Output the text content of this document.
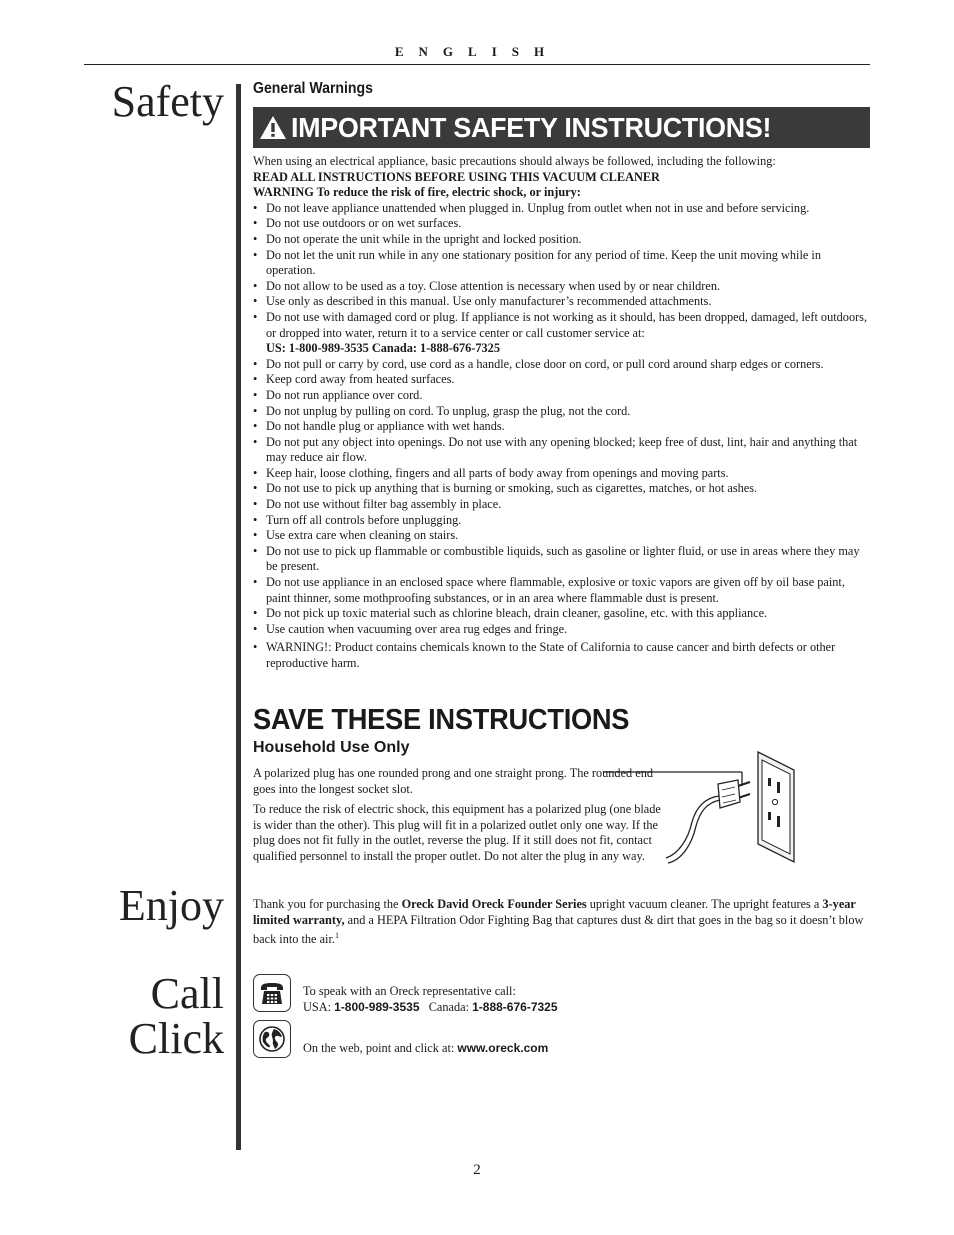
ENGLISH
Safety
Enjoy
Call
Click
General Warnings
IMPORTANT SAFETY INSTRUCTIONS!

When using an electrical appliance, basic precautions should always be followed, including the following:

READ ALL INSTRUCTIONS BEFORE USING THIS VACUUM CLEANER

WARNING To reduce the risk of fire, electric shock, or injury:

• Do not leave appliance unattended when plugged in. Unplug from outlet when not in use and before servicing.
• Do not use outdoors or on wet surfaces.
• Do not operate the unit while in the upright and locked position.
• Do not let the unit run while in any one stationary position for any period of time. Keep the unit moving while in operation.
• Do not allow to be used as a toy. Close attention is necessary when used by or near children.
• Use only as described in this manual. Use only manufacturer’s recommended attachments.
• Do not use with damaged cord or plug. If appliance is not working as it should, has been dropped, damaged, left outdoors, or dropped into water, return it to a service center or call customer service at:
US: 1-800-989-3535 Canada: 1-888-676-7325
• Do not pull or carry by cord, use cord as a handle, close door on cord, or pull cord around sharp edges or corners.
• Keep cord away from heated surfaces.
• Do not run appliance over cord.
• Do not unplug by pulling on cord. To unplug, grasp the plug, not the cord.
• Do not handle plug or appliance with wet hands.
• Do not put any object into openings. Do not use with any opening blocked; keep free of dust, lint, hair and anything that may reduce air flow.
• Keep hair, loose clothing, fingers and all parts of body away from openings and moving parts.
• Do not use to pick up anything that is burning or smoking, such as cigarettes, matches, or hot ashes.
• Do not use without filter bag assembly in place.
• Turn off all controls before unplugging.
• Use extra care when cleaning on stairs.
• Do not use to pick up flammable or combustible liquids, such as gasoline or lighter fluid, or use in areas where they may be present.
• Do not use appliance in an enclosed space where flammable, explosive or toxic vapors are given off by oil base paint, paint thinner, some mothproofing substances, or in an area where flammable dust is present.
• Do not pick up toxic material such as chlorine bleach, drain cleaner, gasoline, etc. with this appliance.
• Use caution when vacuuming over area rug edges and fringe.
• WARNING!: Product contains chemicals known to the State of California to cause cancer and birth defects or other reproductive harm.
SAVE THESE INSTRUCTIONS
Household Use Only

A polarized plug has one rounded prong and one straight prong. The rounded end goes into the longest socket slot.

To reduce the risk of electric shock, this equipment has a polarized plug (one blade is wider than the other). This plug will fit in a polarized outlet only one way. If the plug does not fit fully in the outlet, reverse the plug. If it still does not fit, contact qualified personnel to install the proper outlet. Do not alter the plug in any way.

Thank you for purchasing the Oreck David Oreck Founder Series upright vacuum cleaner. The upright features a 3-year limited warranty, and a HEPA Filtration Odor Fighting Bag that captures dust & dirt that goes in the bag so it doesn’t blow back into the air.$^1$
To speak with an Oreck representative call:
USA: 1-800-989-3535 Canada: 1-888-676-7325
On the web, point and click at: www.oreck.com
2
